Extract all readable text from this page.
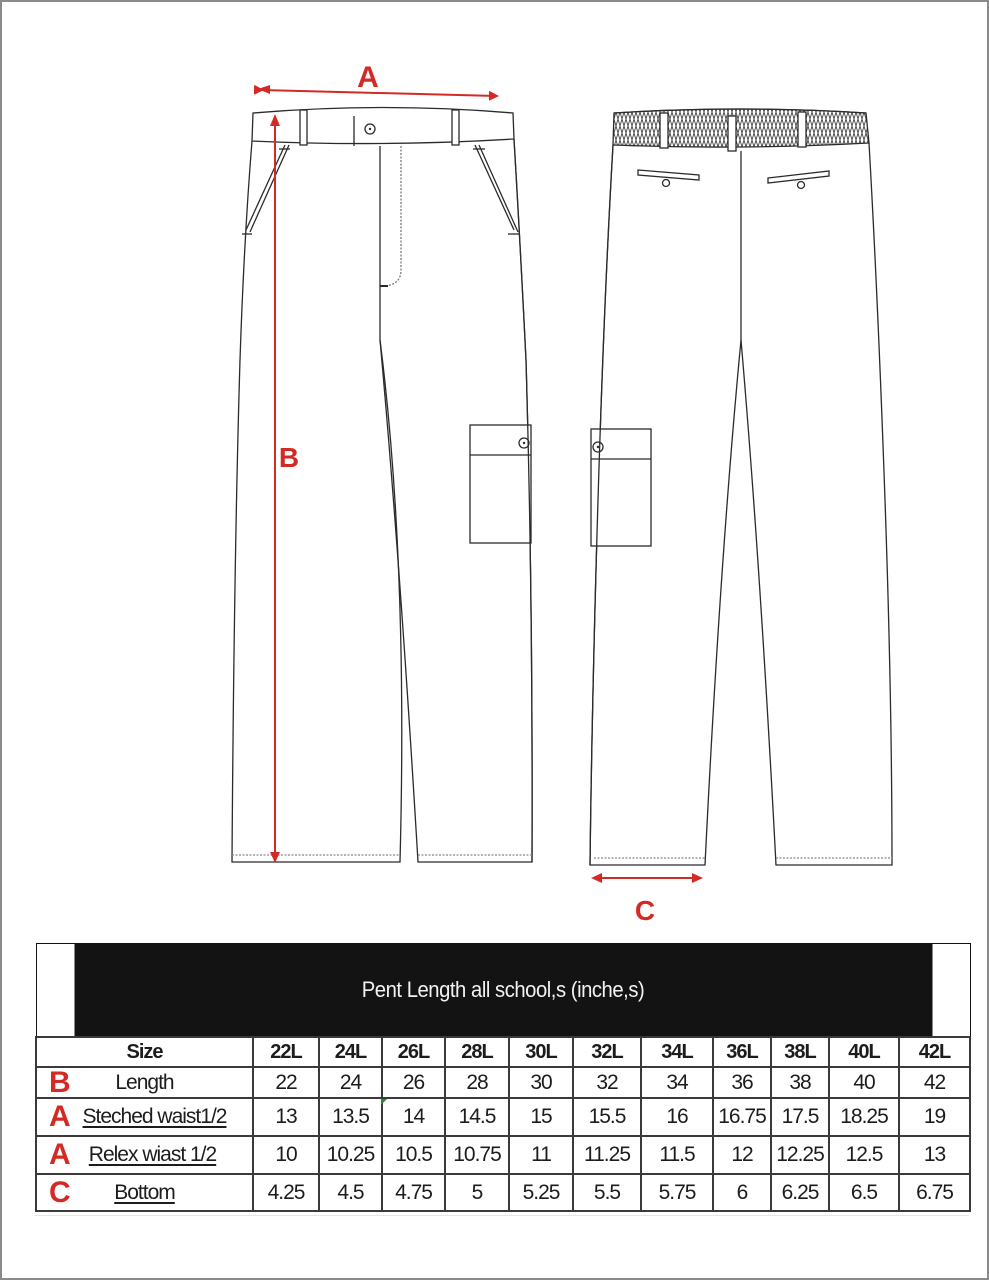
A
B
C
Pent Length all school,s (inche,s)											
Size	22L	24L	26L	28L	30L	32L	34L	36L	38L	40L	42L

B Length	22	24	26	28	30	32	34	36	38	40	42

A Steched waist1/2	13	13.5	14	14.5	15	15.5	16	16.75	17.5	18.25	19

A Relex wiast 1/2	10	10.25	10.5	10.75	11	11.25	11.5	12	12.25	12.5	13

C Bottom	4.25	4.5	4.75	5	5.25	5.5	5.75	6	6.25	6.5	6.75
